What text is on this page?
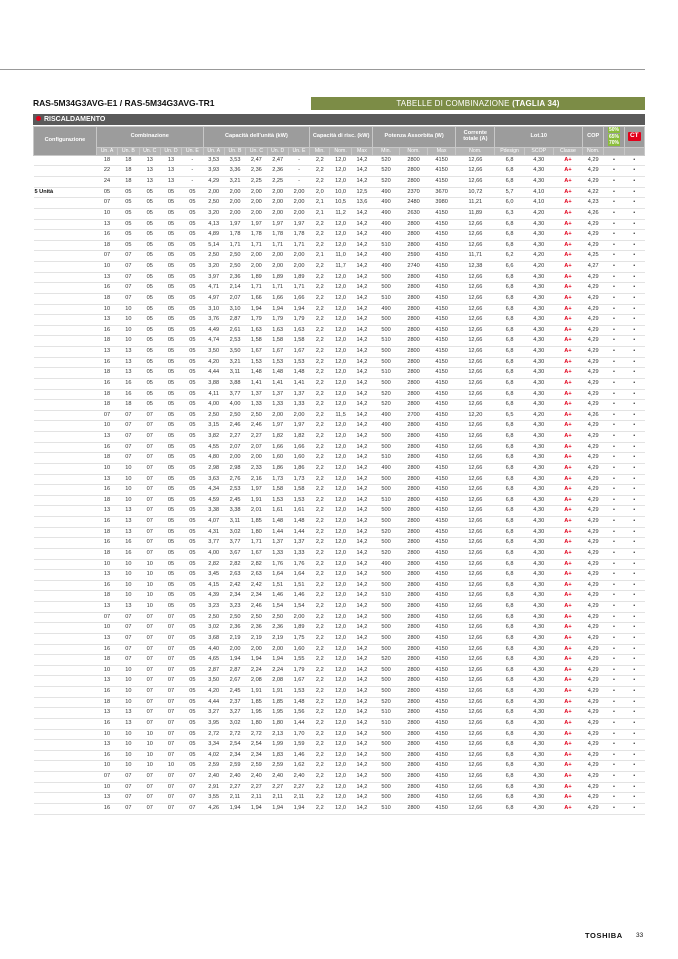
RAS-5M34G3AVG-E1 / RAS-5M34G3AVG-TR1	TABELLE DI COMBINAZIONE (TAGLIA 34)
RISCALDAMENTO
Configurazione	Combinazione					Capacità dell'unità (kW)					Capacità di risc. (kW)			Potenza Assorbita (W)			Corrente totale (A)	Lot.10			COP	50%
65%
70%	CT
	Un. A	Un. B	Un. C	Un. D	Un. E	Un. A	Un. B	Un. C	Un. D	Un. E	Min.	Nom.	Max	Min.	Nom.	Max	Nom.	Pdesign	SCOP	Classe	Nom.		
	18	18	13	13	-	3,53	3,53	2,47	2,47	-	2,2	12,0	14,2	520	2800	4150	12,66	6,8	4,30	A+	4,29	•	•
	22	18	13	13	-	3,93	3,36	2,36	2,36	-	2,2	12,0	14,2	520	2800	4150	12,66	6,8	4,30	A+	4,29	•	•
	24	18	13	13	-	4,29	3,21	2,25	2,25	-	2,2	12,0	14,2	520	2800	4150	12,66	6,8	4,30	A+	4,29	•	•
5 Unità	05	05	05	05	05	2,00	2,00	2,00	2,00	2,00	2,0	10,0	12,5	490	2370	3670	10,72	5,7	4,10	A+	4,22	•	•
	07	05	05	05	05	2,50	2,00	2,00	2,00	2,00	2,1	10,5	13,6	490	2480	3980	11,21	6,0	4,10	A+	4,23	•	•
	10	05	05	05	05	3,20	2,00	2,00	2,00	2,00	2,1	11,2	14,2	490	2630	4150	11,89	6,3	4,20	A+	4,26	•	•
	13	05	05	05	05	4,13	1,97	1,97	1,97	1,97	2,2	12,0	14,2	490	2800	4150	12,66	6,8	4,30	A+	4,29	•	•
	16	05	05	05	05	4,89	1,78	1,78	1,78	1,78	2,2	12,0	14,2	490	2800	4150	12,66	6,8	4,30	A+	4,29	•	•
	18	05	05	05	05	5,14	1,71	1,71	1,71	1,71	2,2	12,0	14,2	510	2800	4150	12,66	6,8	4,30	A+	4,29	•	•
	07	07	05	05	05	2,50	2,50	2,00	2,00	2,00	2,1	11,0	14,2	490	2590	4150	11,71	6,2	4,20	A+	4,25	•	•
	10	07	05	05	05	3,20	2,50	2,00	2,00	2,00	2,2	11,7	14,2	490	2740	4150	12,38	6,6	4,20	A+	4,27	•	•
	13	07	05	05	05	3,97	2,36	1,89	1,89	1,89	2,2	12,0	14,2	500	2800	4150	12,66	6,8	4,30	A+	4,29	•	•
	16	07	05	05	05	4,71	2,14	1,71	1,71	1,71	2,2	12,0	14,2	500	2800	4150	12,66	6,8	4,30	A+	4,29	•	•
	18	07	05	05	05	4,97	2,07	1,66	1,66	1,66	2,2	12,0	14,2	510	2800	4150	12,66	6,8	4,30	A+	4,29	•	•
	10	10	05	05	05	3,10	3,10	1,94	1,94	1,94	2,2	12,0	14,2	490	2800	4150	12,66	6,8	4,30	A+	4,29	•	•
	13	10	05	05	05	3,76	2,87	1,79	1,79	1,79	2,2	12,0	14,2	500	2800	4150	12,66	6,8	4,30	A+	4,29	•	•
	16	10	05	05	05	4,49	2,61	1,63	1,63	1,63	2,2	12,0	14,2	500	2800	4150	12,66	6,8	4,30	A+	4,29	•	•
	18	10	05	05	05	4,74	2,53	1,58	1,58	1,58	2,2	12,0	14,2	510	2800	4150	12,66	6,8	4,30	A+	4,29	•	•
	13	13	05	05	05	3,50	3,50	1,67	1,67	1,67	2,2	12,0	14,2	500	2800	4150	12,66	6,8	4,30	A+	4,29	•	•
	16	13	05	05	05	4,20	3,21	1,53	1,53	1,53	2,2	12,0	14,2	500	2800	4150	12,66	6,8	4,30	A+	4,29	•	•
	18	13	05	05	05	4,44	3,11	1,48	1,48	1,48	2,2	12,0	14,2	510	2800	4150	12,66	6,8	4,30	A+	4,29	•	•
	16	16	05	05	05	3,88	3,88	1,41	1,41	1,41	2,2	12,0	14,2	500	2800	4150	12,66	6,8	4,30	A+	4,29	•	•
	18	16	05	05	05	4,11	3,77	1,37	1,37	1,37	2,2	12,0	14,2	520	2800	4150	12,66	6,8	4,30	A+	4,29	•	•
	18	18	05	05	05	4,00	4,00	1,33	1,33	1,33	2,2	12,0	14,2	520	2800	4150	12,66	6,8	4,30	A+	4,29	•	•
	07	07	07	05	05	2,50	2,50	2,50	2,00	2,00	2,2	11,5	14,2	490	2700	4150	12,20	6,5	4,20	A+	4,26	•	•
	10	07	07	05	05	3,15	2,46	2,46	1,97	1,97	2,2	12,0	14,2	490	2800	4150	12,66	6,8	4,30	A+	4,29	•	•
	13	07	07	05	05	3,82	2,27	2,27	1,82	1,82	2,2	12,0	14,2	500	2800	4150	12,66	6,8	4,30	A+	4,29	•	•
	16	07	07	05	05	4,55	2,07	2,07	1,66	1,66	2,2	12,0	14,2	500	2800	4150	12,66	6,8	4,30	A+	4,29	•	•
	18	07	07	05	05	4,80	2,00	2,00	1,60	1,60	2,2	12,0	14,2	510	2800	4150	12,66	6,8	4,30	A+	4,29	•	•
	10	10	07	05	05	2,98	2,98	2,33	1,86	1,86	2,2	12,0	14,2	490	2800	4150	12,66	6,8	4,30	A+	4,29	•	•
	13	10	07	05	05	3,63	2,76	2,16	1,73	1,73	2,2	12,0	14,2	500	2800	4150	12,66	6,8	4,30	A+	4,29	•	•
	16	10	07	05	05	4,34	2,53	1,97	1,58	1,58	2,2	12,0	14,2	500	2800	4150	12,66	6,8	4,30	A+	4,29	•	•
	18	10	07	05	05	4,59	2,45	1,91	1,53	1,53	2,2	12,0	14,2	510	2800	4150	12,66	6,8	4,30	A+	4,29	•	•
	13	13	07	05	05	3,38	3,38	2,01	1,61	1,61	2,2	12,0	14,2	500	2800	4150	12,66	6,8	4,30	A+	4,29	•	•
	16	13	07	05	05	4,07	3,11	1,85	1,48	1,48	2,2	12,0	14,2	500	2800	4150	12,66	6,8	4,30	A+	4,29	•	•
	18	13	07	05	05	4,31	3,02	1,80	1,44	1,44	2,2	12,0	14,2	520	2800	4150	12,66	6,8	4,30	A+	4,29	•	•
	16	16	07	05	05	3,77	3,77	1,71	1,37	1,37	2,2	12,0	14,2	500	2800	4150	12,66	6,8	4,30	A+	4,29	•	•
	18	16	07	05	05	4,00	3,67	1,67	1,33	1,33	2,2	12,0	14,2	520	2800	4150	12,66	6,8	4,30	A+	4,29	•	•
	10	10	10	05	05	2,82	2,82	2,82	1,76	1,76	2,2	12,0	14,2	490	2800	4150	12,66	6,8	4,30	A+	4,29	•	•
	13	10	10	05	05	3,45	2,63	2,63	1,64	1,64	2,2	12,0	14,2	500	2800	4150	12,66	6,8	4,30	A+	4,29	•	•
	16	10	10	05	05	4,15	2,42	2,42	1,51	1,51	2,2	12,0	14,2	500	2800	4150	12,66	6,8	4,30	A+	4,29	•	•
	18	10	10	05	05	4,39	2,34	2,34	1,46	1,46	2,2	12,0	14,2	510	2800	4150	12,66	6,8	4,30	A+	4,29	•	•
	13	13	10	05	05	3,23	3,23	2,46	1,54	1,54	2,2	12,0	14,2	500	2800	4150	12,66	6,8	4,30	A+	4,29	•	•
	07	07	07	07	05	2,50	2,50	2,50	2,50	2,00	2,2	12,0	14,2	500	2800	4150	12,66	6,8	4,30	A+	4,29	•	•
	10	07	07	07	05	3,02	2,36	2,36	2,36	1,89	2,2	12,0	14,2	500	2800	4150	12,66	6,8	4,30	A+	4,29	•	•
	13	07	07	07	05	3,68	2,19	2,19	2,19	1,75	2,2	12,0	14,2	500	2800	4150	12,66	6,8	4,30	A+	4,29	•	•
	16	07	07	07	05	4,40	2,00	2,00	2,00	1,60	2,2	12,0	14,2	500	2800	4150	12,66	6,8	4,30	A+	4,29	•	•
	18	07	07	07	05	4,65	1,94	1,94	1,94	1,55	2,2	12,0	14,2	520	2800	4150	12,66	6,8	4,30	A+	4,29	•	•
	10	10	07	07	05	2,87	2,87	2,24	2,24	1,79	2,2	12,0	14,2	500	2800	4150	12,66	6,8	4,30	A+	4,29	•	•
	13	10	07	07	05	3,50	2,67	2,08	2,08	1,67	2,2	12,0	14,2	500	2800	4150	12,66	6,8	4,30	A+	4,29	•	•
	16	10	07	07	05	4,20	2,45	1,91	1,91	1,53	2,2	12,0	14,2	500	2800	4150	12,66	6,8	4,30	A+	4,29	•	•
	18	10	07	07	05	4,44	2,37	1,85	1,85	1,48	2,2	12,0	14,2	520	2800	4150	12,66	6,8	4,30	A+	4,29	•	•
	13	13	07	07	05	3,27	3,27	1,95	1,95	1,56	2,2	12,0	14,2	510	2800	4150	12,66	6,8	4,30	A+	4,29	•	•
	16	13	07	07	05	3,95	3,02	1,80	1,80	1,44	2,2	12,0	14,2	510	2800	4150	12,66	6,8	4,30	A+	4,29	•	•
	10	10	10	07	05	2,72	2,72	2,72	2,13	1,70	2,2	12,0	14,2	500	2800	4150	12,66	6,8	4,30	A+	4,29	•	•
	13	10	10	07	05	3,34	2,54	2,54	1,99	1,59	2,2	12,0	14,2	500	2800	4150	12,66	6,8	4,30	A+	4,29	•	•
	16	10	10	07	05	4,02	2,34	2,34	1,83	1,46	2,2	12,0	14,2	500	2800	4150	12,66	6,8	4,30	A+	4,29	•	•
	10	10	10	10	05	2,59	2,59	2,59	2,59	1,62	2,2	12,0	14,2	500	2800	4150	12,66	6,8	4,30	A+	4,29	•	•
	07	07	07	07	07	2,40	2,40	2,40	2,40	2,40	2,2	12,0	14,2	500	2800	4150	12,66	6,8	4,30	A+	4,29	•	•
	10	07	07	07	07	2,91	2,27	2,27	2,27	2,27	2,2	12,0	14,2	500	2800	4150	12,66	6,8	4,30	A+	4,29	•	•
	13	07	07	07	07	3,55	2,11	2,11	2,11	2,11	2,2	12,0	14,2	500	2800	4150	12,66	6,8	4,30	A+	4,29	•	•
	16	07	07	07	07	4,26	1,94	1,94	1,94	1,94	2,2	12,0	14,2	510	2800	4150	12,66	6,8	4,30	A+	4,29	•	•
TOSHIBA 33
